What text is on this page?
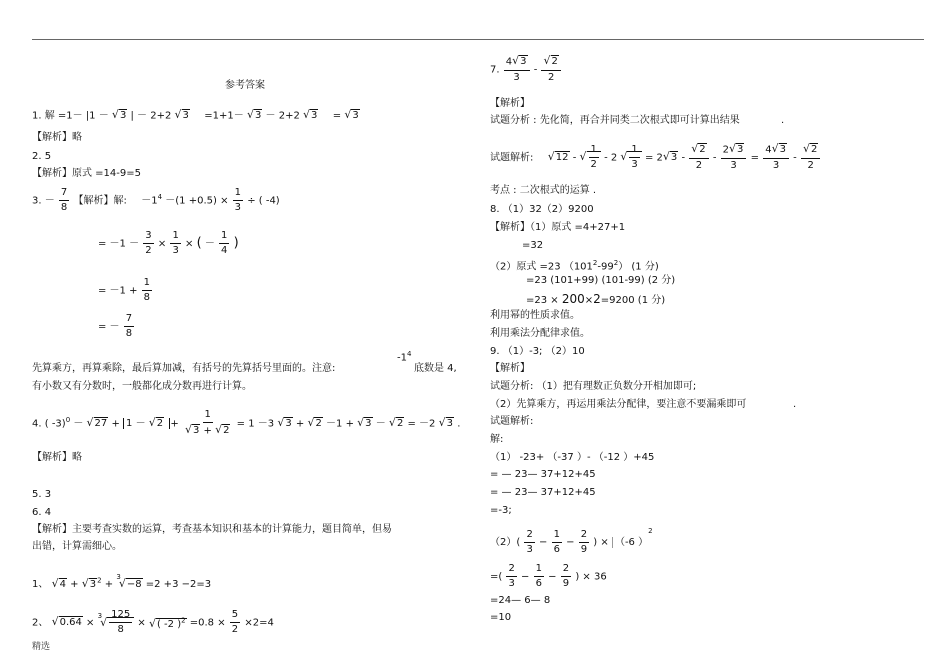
参考答案
1. 解 =1－ |1 － √ 3 | － 2+2 √ 3 =1+1－ √ 3 － 2+2 √ 3 = √ 3
【解析】略
2. 5
【解析】原式 =14-9=5
3. － $\frac{7}{8}$ 【解析】解: $-1^4 -(1 +0.5) \times \frac{1}{3}$ ÷ ( -4)
= $-1 - \frac{3}{2} \times \frac{1}{3}$ × ( － $\frac{1}{4}$ )
= $-1 + \frac{1}{8}$
= － $\frac{7}{8}$
先算乘方，再算乘除，最后算加减，有括号的先算括号里面的。注意:
$-1^4$
底数是 4,
有小数又有分数时，一般都化成分数再进行计算。
4. ( -3)$^0$ － √ 27 + 1 － √ 2 + 1
√ 3 + √ 2 = 1 －3 √ 3 + √ 2 －1 + √ 3 － √ 2 = －2 √ 3 .
【解析】略
5. 3
6. 4
【解析】主要考查实数的运算，考查基本知识和基本的计算能力，题目简单，但易
出错，计算需细心。
1、 √ 4 + √ $3^2 + ^3√ -8 =2 +3 -2=3$
2、 √ 0.64 × $^3$
√ $\frac{125}{8}$ × √ ( -2 )$^2 =0.8 \times \frac{5}{2} \times 2=4$
精选
7. $\frac{4√ 3}{3}$ -
√ $\frac{2}{2}$
【解析】
试题分析 : 先化简，再合并同类二次根式即可计算出结果	.
试题解析:  √ 12 -
√ $\frac{1}{2} - 2$
√ $\frac{1}{3} = 2√$ 3 -
√ $\frac{2}{2} - \frac{2√ 3}{3} = \frac{4√ 3}{3}$ -
√ $\frac{2}{2}$
考点 : 二次根式的运算 .
8. （1）32（2）9200
【解析】（1）原式 =4+27+1
=32
（2）原式 =23 $(101^2-99^2)$ (1 分)
=23 (101+99) (101-99) (2 分)
=23 × 200×2=9200 (1 分)
利用幂的性质求值。
利用乘法分配律求值。
9. （1）-3; （2）10
【解析】
试题分析: （1）把有理数正负数分开相加即可;
（2）先算乘方，再运用乘法分配律，要注意不要漏乘即可	.
试题解析:
解:
（1） -23+ （-37 ）- （-12 ）+45
= — 23— 37+12+45
= — 23— 37+12+45
=-3;
$(2)( \frac{2}{3} - \frac{1}{6} - \frac{2}{9}$ ) × （-6 ）$^2$
=( $\frac{2}{3} - \frac{1}{6} - \frac{2}{9}$ ) × 36
=24— 6— 8
=10
